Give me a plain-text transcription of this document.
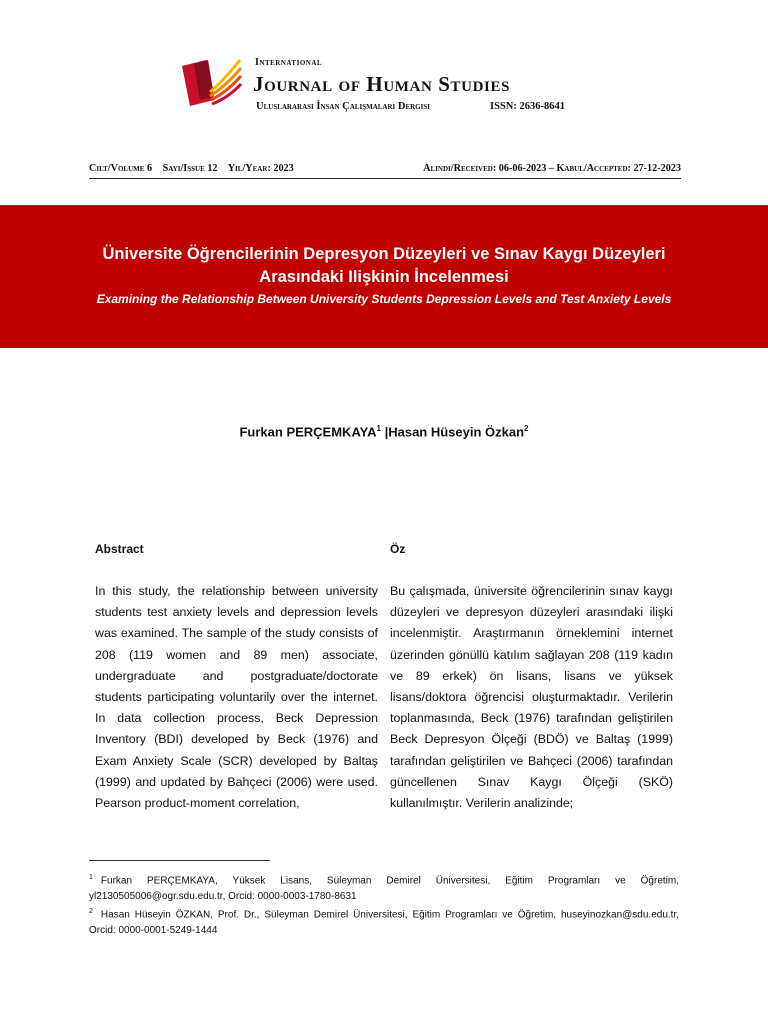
International
Journal of Human Studies
Uluslararası İnsan Çalışmaları Dergisi	ISSN: 2636-8641
Cilt/Volume 6 Sayı/Issue 12 Yıl/Year: 2023	Alındı/Received: 06-06-2023 – Kabul/Accepted: 27-12-2023
Üniversite Öğrencilerinin Depresyon Düzeyleri ve Sınav Kaygı Düzeyleri Arasındaki Ilişkinin İncelenmesi
Examining the Relationship Between University Students Depression Levels and Test Anxiety Levels
Furkan PERÇEMKAYA$^1$ |Hasan Hüseyin Özkan$^2$
Abstract

In this study, the relationship between university students test anxiety levels and depression levels was examined. The sample of the study consists of 208 (119 women and 89 men) associate, undergraduate and postgraduate/doctorate students participating voluntarily over the internet. In data collection process, Beck Depression Inventory (BDI) developed by Beck (1976) and Exam Anxiety Scale (SCR) developed by Baltaş (1999) and updated by Bahçeci (2006) were used. Pearson product-moment correlation,

Öz

Bu çalışmada, üniversite öğrencilerinin sınav kaygı düzeyleri ve depresyon düzeyleri arasındaki ilişki incelenmiştir. Araştırmanın örneklemini internet üzerinden gönüllü katılım sağlayan 208 (119 kadın ve 89 erkek) ön lisans, lisans ve yüksek lisans/doktora öğrencisi oluşturmaktadır. Verilerin toplanmasında, Beck (1976) tarafından geliştirilen Beck Depresyon Ölçeği (BDÖ) ve Baltaş (1999) tarafından geliştirilen ve Bahçeci (2006) tarafından güncellenen Sınav Kaygı Ölçeği (SKÖ) kullanılmıştır. Verilerin analizinde;

$^1$ Furkan PERÇEMKAYA, Yüksek Lisans, Süleyman Demirel Üniversitesi, Eğitim Programları ve Öğretim, yl2130505006@ogr.sdu.edu.tr, Orcid: 0000-0003-1780-8631
$^2$ Hasan Hüseyin ÖZKAN, Prof. Dr., Süleyman Demirel Üniversitesi, Eğitim Programları ve Öğretim, huseyinozkan@sdu.edu.tr, Orcid: 0000-0001-5249-1444
